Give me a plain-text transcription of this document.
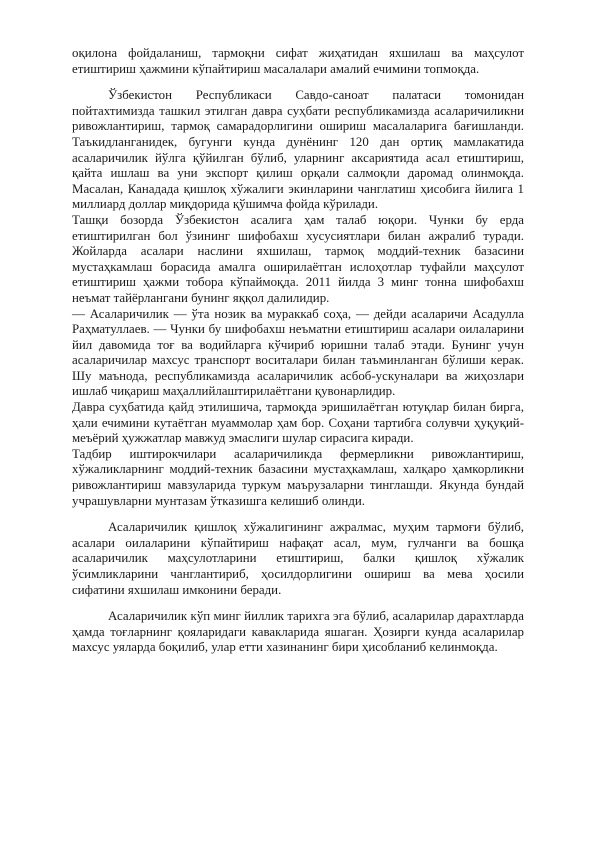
оқилона фойдаланиш, тармоқни сифат жиҳатидан яхшилаш ва маҳсулот етиштириш ҳажмини кўпайтириш масалалари амалий ечимини топмоқда.

Ўзбекистон Республикаси Савдо-саноат палатаси томонидан пойтахтимизда ташкил этилган давра суҳбати республикамизда асаларичиликни ривожлантириш, тармоқ самарадорлигини ошириш масалаларига бағишланди. Таъкидланганидек, бугунги кунда дунёнинг 120 дан ортиқ мамлакатида асаларичилик йўлга қўйилган бўлиб, уларнинг аксариятида асал етиштириш, қайта ишлаш ва уни экспорт қилиш орқали салмоқли даромад олинмоқда. Масалан, Канадада қишлоқ хўжалиги экинларини чанглатиш ҳисобига йилига 1 миллиард доллар миқдорида қўшимча фойда кўрилади.

Ташқи бозорда Ўзбекистон асалига ҳам талаб юқори. Чунки бу ерда етиштирилган бол ўзининг шифобахш хусусиятлари билан ажралиб туради. Жойларда асалари наслини яхшилаш, тармоқ моддий-техник базасини мустаҳкамлаш борасида амалга оширилаётган ислоҳотлар туфайли маҳсулот етиштириш ҳажми тобора кўпаймоқда. 2011 йилда 3 минг тонна шифобахш неъмат тайёрлангани бунинг яққол далилидир.

— Асаларичилик — ўта нозик ва мураккаб соҳа, — дейди асаларичи Асадулла Раҳматуллаев. — Чунки бу шифобахш неъматни етиштириш асалари оилаларини йил давомида тоғ ва водийларга кўчириб юришни талаб этади. Бунинг учун асаларичилар махсус транспорт воситалари билан таъминланган бўлиши керак. Шу маънода, республикамизда асаларичилик асбоб-ускуналари ва жиҳозлари ишлаб чиқариш маҳаллийлаштирилаётгани қувонарлидир.

Давра суҳбатида қайд этилишича, тармоқда эришилаётган ютуқлар билан бирга, ҳали ечимини кутаётган муаммолар ҳам бор. Соҳани тартибга солувчи ҳуқуқий-меъёрий ҳужжатлар мавжуд эмаслиги шулар сирасига киради.

Тадбир иштирокчилари асаларичиликда фермерликни ривожлантириш, хўжаликларнинг моддий-техник базасини мустаҳкамлаш, халқаро ҳамкорликни ривожлантириш мавзуларида туркум маърузаларни тинглашди. Якунда бундай учрашувларни мунтазам ўтказишга келишиб олинди.

Асаларичилик қишлоқ хўжалигининг ажралмас, муҳим тармоғи бўлиб, асалари оилаларини кўпайтириш нафақат асал, мум, гулчанги ва бошқа асаларичилик маҳсулотларини етиштириш, балки қишлоқ хўжалик ўсимликларини чанглантириб, ҳосилдорлигини ошириш ва мева ҳосили сифатини яхшилаш имконини беради.

Асаларичилик кўп минг йиллик тарихга эга бўлиб, асаларилар дарахтларда ҳамда тоғларнинг қояларидаги кавакларида яшаган. Ҳозирги кунда асаларилар махсус уяларда боқилиб, улар етти хазинанинг бири ҳисобланиб келинмоқда.
